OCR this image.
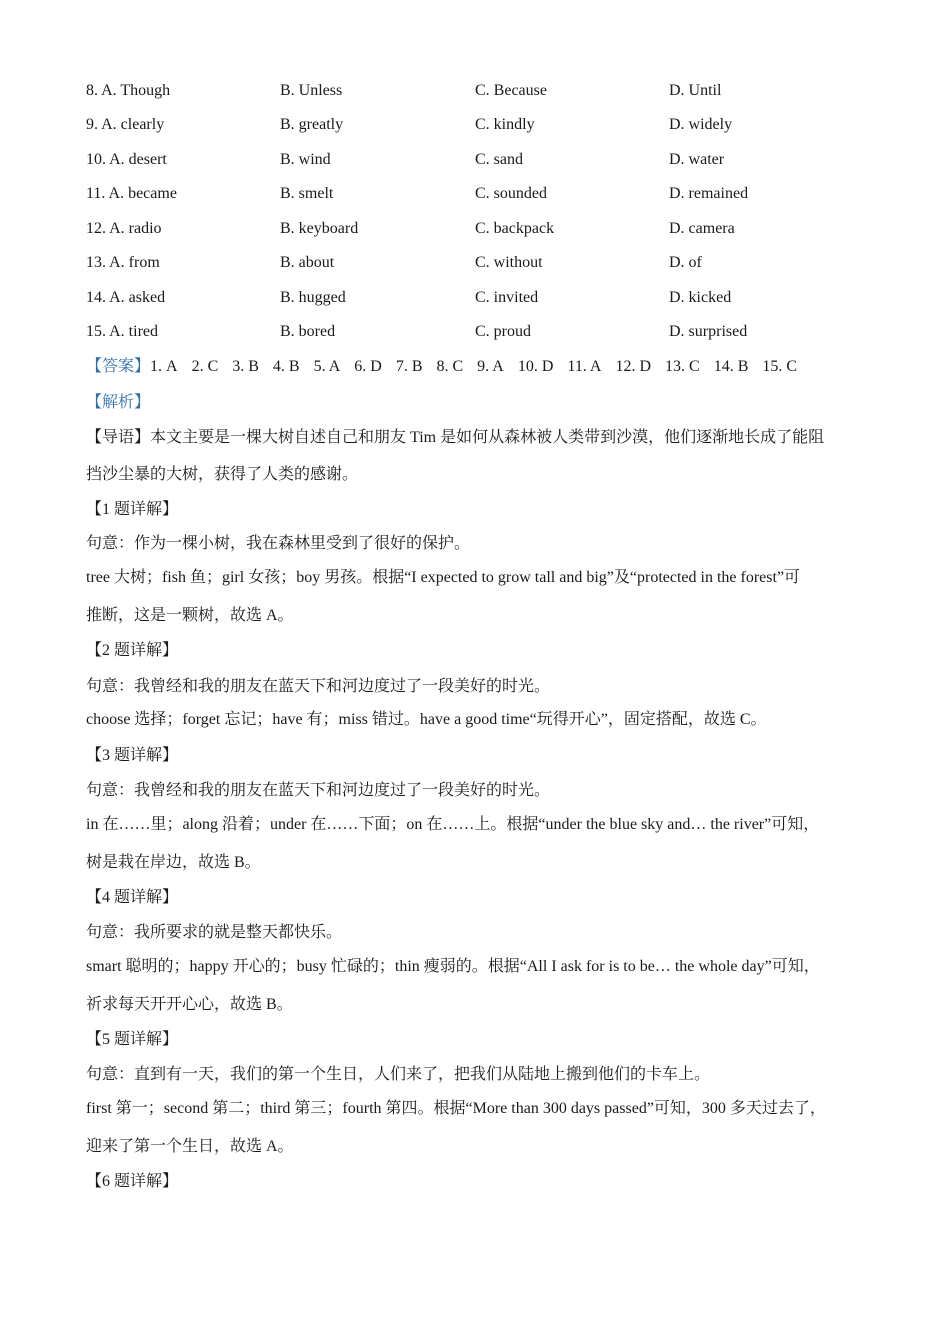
8. A. Though	B. Unless	C. Because	D. Until
9. A. clearly	B. greatly	C. kindly	D. widely
10. A. desert	B. wind	C. sand	D. water
11. A. became	B. smelt	C. sounded	D. remained
12. A. radio	B. keyboard	C. backpack	D. camera
13. A. from	B. about	C. without	D. of
14. A. asked	B. hugged	C. invited	D. kicked
15. A. tired	B. bored	C. proud	D. surprised
【答案】1. A 2. C 3. B 4. B 5. A 6. D 7. B 8. C 9. A 10. D 11. A 12. D 13. C 14. B 15. C
【解析】
【导语】本文主要是一棵大树自述自己和朋友 Tim 是如何从森林被人类带到沙漠，他们逐渐地长成了能阻
挡沙尘暴的大树，获得了人类的感谢。
【1 题详解】
句意：作为一棵小树，我在森林里受到了很好的保护。
tree 大树；fish 鱼；girl 女孩；boy 男孩。根据“I expected to grow tall and big”及“protected in the forest”可
推断，这是一颗树，故选 A。
【2 题详解】
句意：我曾经和我的朋友在蓝天下和河边度过了一段美好的时光。
choose 选择；forget 忘记；have 有；miss 错过。have a good time“玩得开心”，固定搭配，故选 C。
【3 题详解】
句意：我曾经和我的朋友在蓝天下和河边度过了一段美好的时光。
in 在……里；along 沿着；under 在……下面；on 在……上。根据“under the blue sky and… the river”可知，
树是栽在岸边，故选 B。
【4 题详解】
句意：我所要求的就是整天都快乐。
smart 聪明的；happy 开心的；busy 忙碌的；thin 瘦弱的。根据“All I ask for is to be… the whole day”可知，
祈求每天开开心心，故选 B。
【5 题详解】
句意：直到有一天，我们的第一个生日，人们来了，把我们从陆地上搬到他们的卡车上。
first 第一；second 第二；third 第三；fourth 第四。根据“More than 300 days passed”可知，300 多天过去了，
迎来了第一个生日，故选 A。
【6 题详解】
